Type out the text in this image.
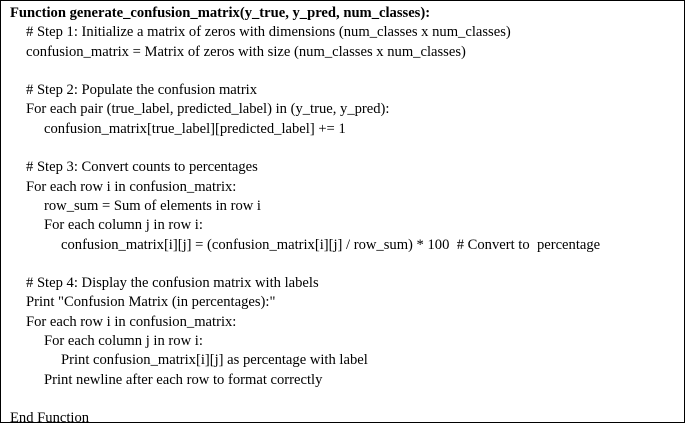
Function generate_confusion_matrix(y_true, y_pred, num_classes):
# Step 1: Initialize a matrix of zeros with dimensions (num_classes x num_classes)
confusion_matrix = Matrix of zeros with size (num_classes x num_classes)
# Step 2: Populate the confusion matrix
For each pair (true_label, predicted_label) in (y_true, y_pred):
confusion_matrix[true_label][predicted_label] += 1
# Step 3: Convert counts to percentages
For each row i in confusion_matrix:
row_sum = Sum of elements in row i
For each column j in row i:
confusion_matrix[i][j] = (confusion_matrix[i][j] / row_sum) * 100  # Convert to  percentage
# Step 4: Display the confusion matrix with labels
Print "Confusion Matrix (in percentages):"
For each row i in confusion_matrix:
For each column j in row i:
Print confusion_matrix[i][j] as percentage with label
Print newline after each row to format correctly
End Function
